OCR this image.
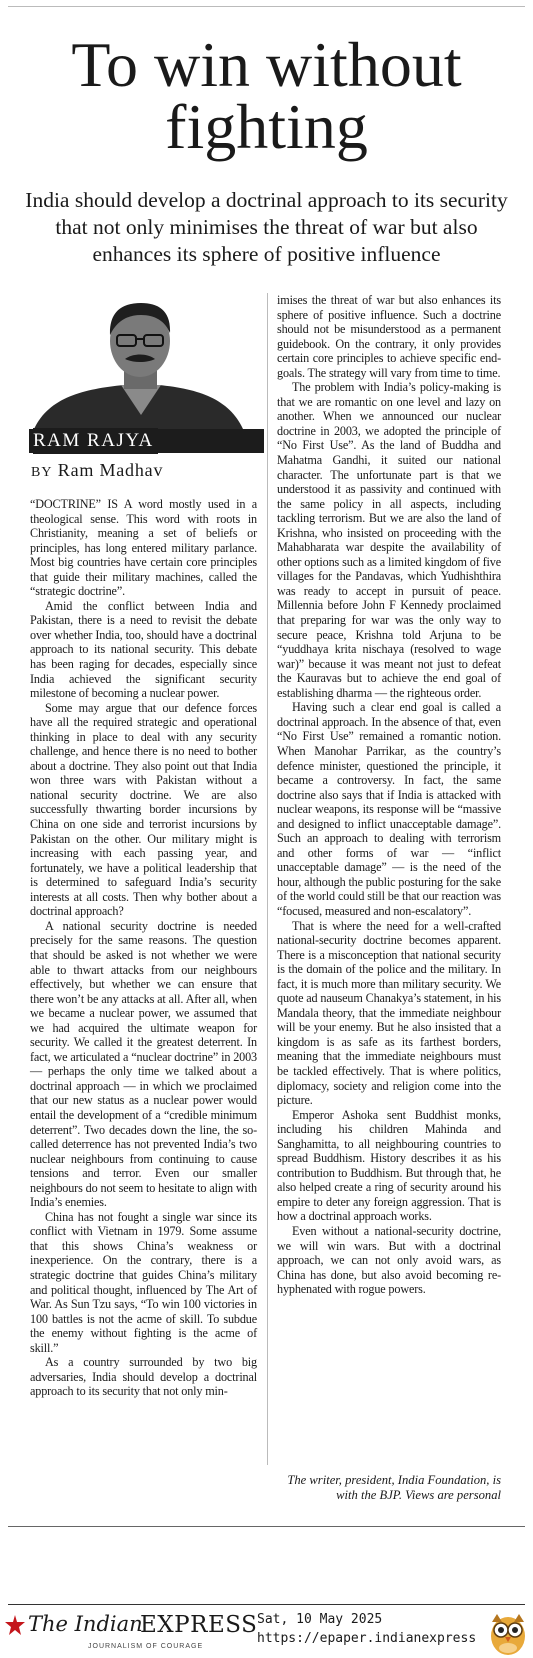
To win without fighting

India should develop a doctrinal approach to its security that not only minimises the threat of war but also enhances its sphere of positive influence

RAM RAJYA
BY Ram Madhav

“DOCTRINE” IS A word mostly used in a theological sense. This word with roots in Christianity, meaning a set of beliefs or principles, has long entered military parlance. Most big countries have certain core principles that guide their military machines, called the “strategic doctrine”.

Amid the conflict between India and Pakistan, there is a need to revisit the debate over whether India, too, should have a doctrinal approach to its national security. This debate has been raging for decades, especially since India achieved the significant security milestone of becoming a nuclear power.

Some may argue that our defence forces have all the required strategic and operational thinking in place to deal with any security challenge, and hence there is no need to bother about a doctrine. They also point out that India won three wars with Pakistan without a national security doctrine. We are also successfully thwarting border incursions by China on one side and terrorist incursions by Pakistan on the other. Our military might is increasing with each passing year, and fortunately, we have a political leadership that is determined to safeguard India’s security interests at all costs. Then why bother about a doctrinal approach?

A national security doctrine is needed precisely for the same reasons. The question that should be asked is not whether we were able to thwart attacks from our neighbours effectively, but whether we can ensure that there won’t be any attacks at all. After all, when we became a nuclear power, we assumed that we had acquired the ultimate weapon for security. We called it the greatest deterrent. In fact, we articulated a “nuclear doctrine” in 2003 — perhaps the only time we talked about a doctrinal approach — in which we proclaimed that our new status as a nuclear power would entail the development of a “credible minimum deterrent”. Two decades down the line, the so-called deterrence has not prevented India’s two nuclear neighbours from continuing to cause tensions and terror. Even our smaller neighbours do not seem to hesitate to align with India’s enemies.

China has not fought a single war since its conflict with Vietnam in 1979. Some assume that this shows China’s weakness or inexperience. On the contrary, there is a strategic doctrine that guides China’s military and political thought, influenced by The Art of War. As Sun Tzu says, “To win 100 victories in 100 battles is not the acme of skill. To subdue the enemy without fighting is the acme of skill.”

As a country surrounded by two big adversaries, India should develop a doctrinal approach to its security that not only min-

imises the threat of war but also enhances its sphere of positive influence. Such a doctrine should not be misunderstood as a permanent guidebook. On the contrary, it only provides certain core principles to achieve specific end-goals. The strategy will vary from time to time.

The problem with India’s policy-making is that we are romantic on one level and lazy on another. When we announced our nuclear doctrine in 2003, we adopted the principle of “No First Use”. As the land of Buddha and Mahatma Gandhi, it suited our national character. The unfortunate part is that we understood it as passivity and continued with the same policy in all aspects, including tackling terrorism. But we are also the land of Krishna, who insisted on proceeding with the Mahabharata war despite the availability of other options such as a limited kingdom of five villages for the Pandavas, which Yudhishthira was ready to accept in pursuit of peace. Millennia before John F Kennedy proclaimed that preparing for war was the only way to secure peace, Krishna told Arjuna to be “yuddhaya krita nischaya (resolved to wage war)” because it was meant not just to defeat the Kauravas but to achieve the end goal of establishing dharma — the righteous order.

Having such a clear end goal is called a doctrinal approach. In the absence of that, even “No First Use” remained a romantic notion. When Manohar Parrikar, as the country’s defence minister, questioned the principle, it became a controversy. In fact, the same doctrine also says that if India is attacked with nuclear weapons, its response will be “massive and designed to inflict unacceptable damage”. Such an approach to dealing with terrorism and other forms of war — “inflict unacceptable damage” — is the need of the hour, although the public posturing for the sake of the world could still be that our reaction was “focused, measured and non-escalatory”.

That is where the need for a well-crafted national-security doctrine becomes apparent. There is a misconception that national security is the domain of the police and the military. In fact, it is much more than military security. We quote ad nauseum Chanakya’s statement, in his Mandala theory, that the immediate neighbour will be your enemy. But he also insisted that a kingdom is as safe as its farthest borders, meaning that the immediate neighbours must be tackled effectively. That is where politics, diplomacy, society and religion come into the picture.

Emperor Ashoka sent Buddhist monks, including his children Mahinda and Sanghamitta, to all neighbouring countries to spread Buddhism. History describes it as his contribution to Buddhism. But through that, he also helped create a ring of security around his empire to deter any foreign aggression. That is how a doctrinal approach works.

Even without a national-security doctrine, we will win wars. But with a doctrinal approach, we can not only avoid wars, as China has done, but also avoid becoming re-hyphenated with rogue powers.

The writer, president, India Foundation, is with the BJP. Views are personal
The Indian
EXPRESS
JOURNALISM OF COURAGE
Sat, 10 May 2025
https://epaper.indianexpress
